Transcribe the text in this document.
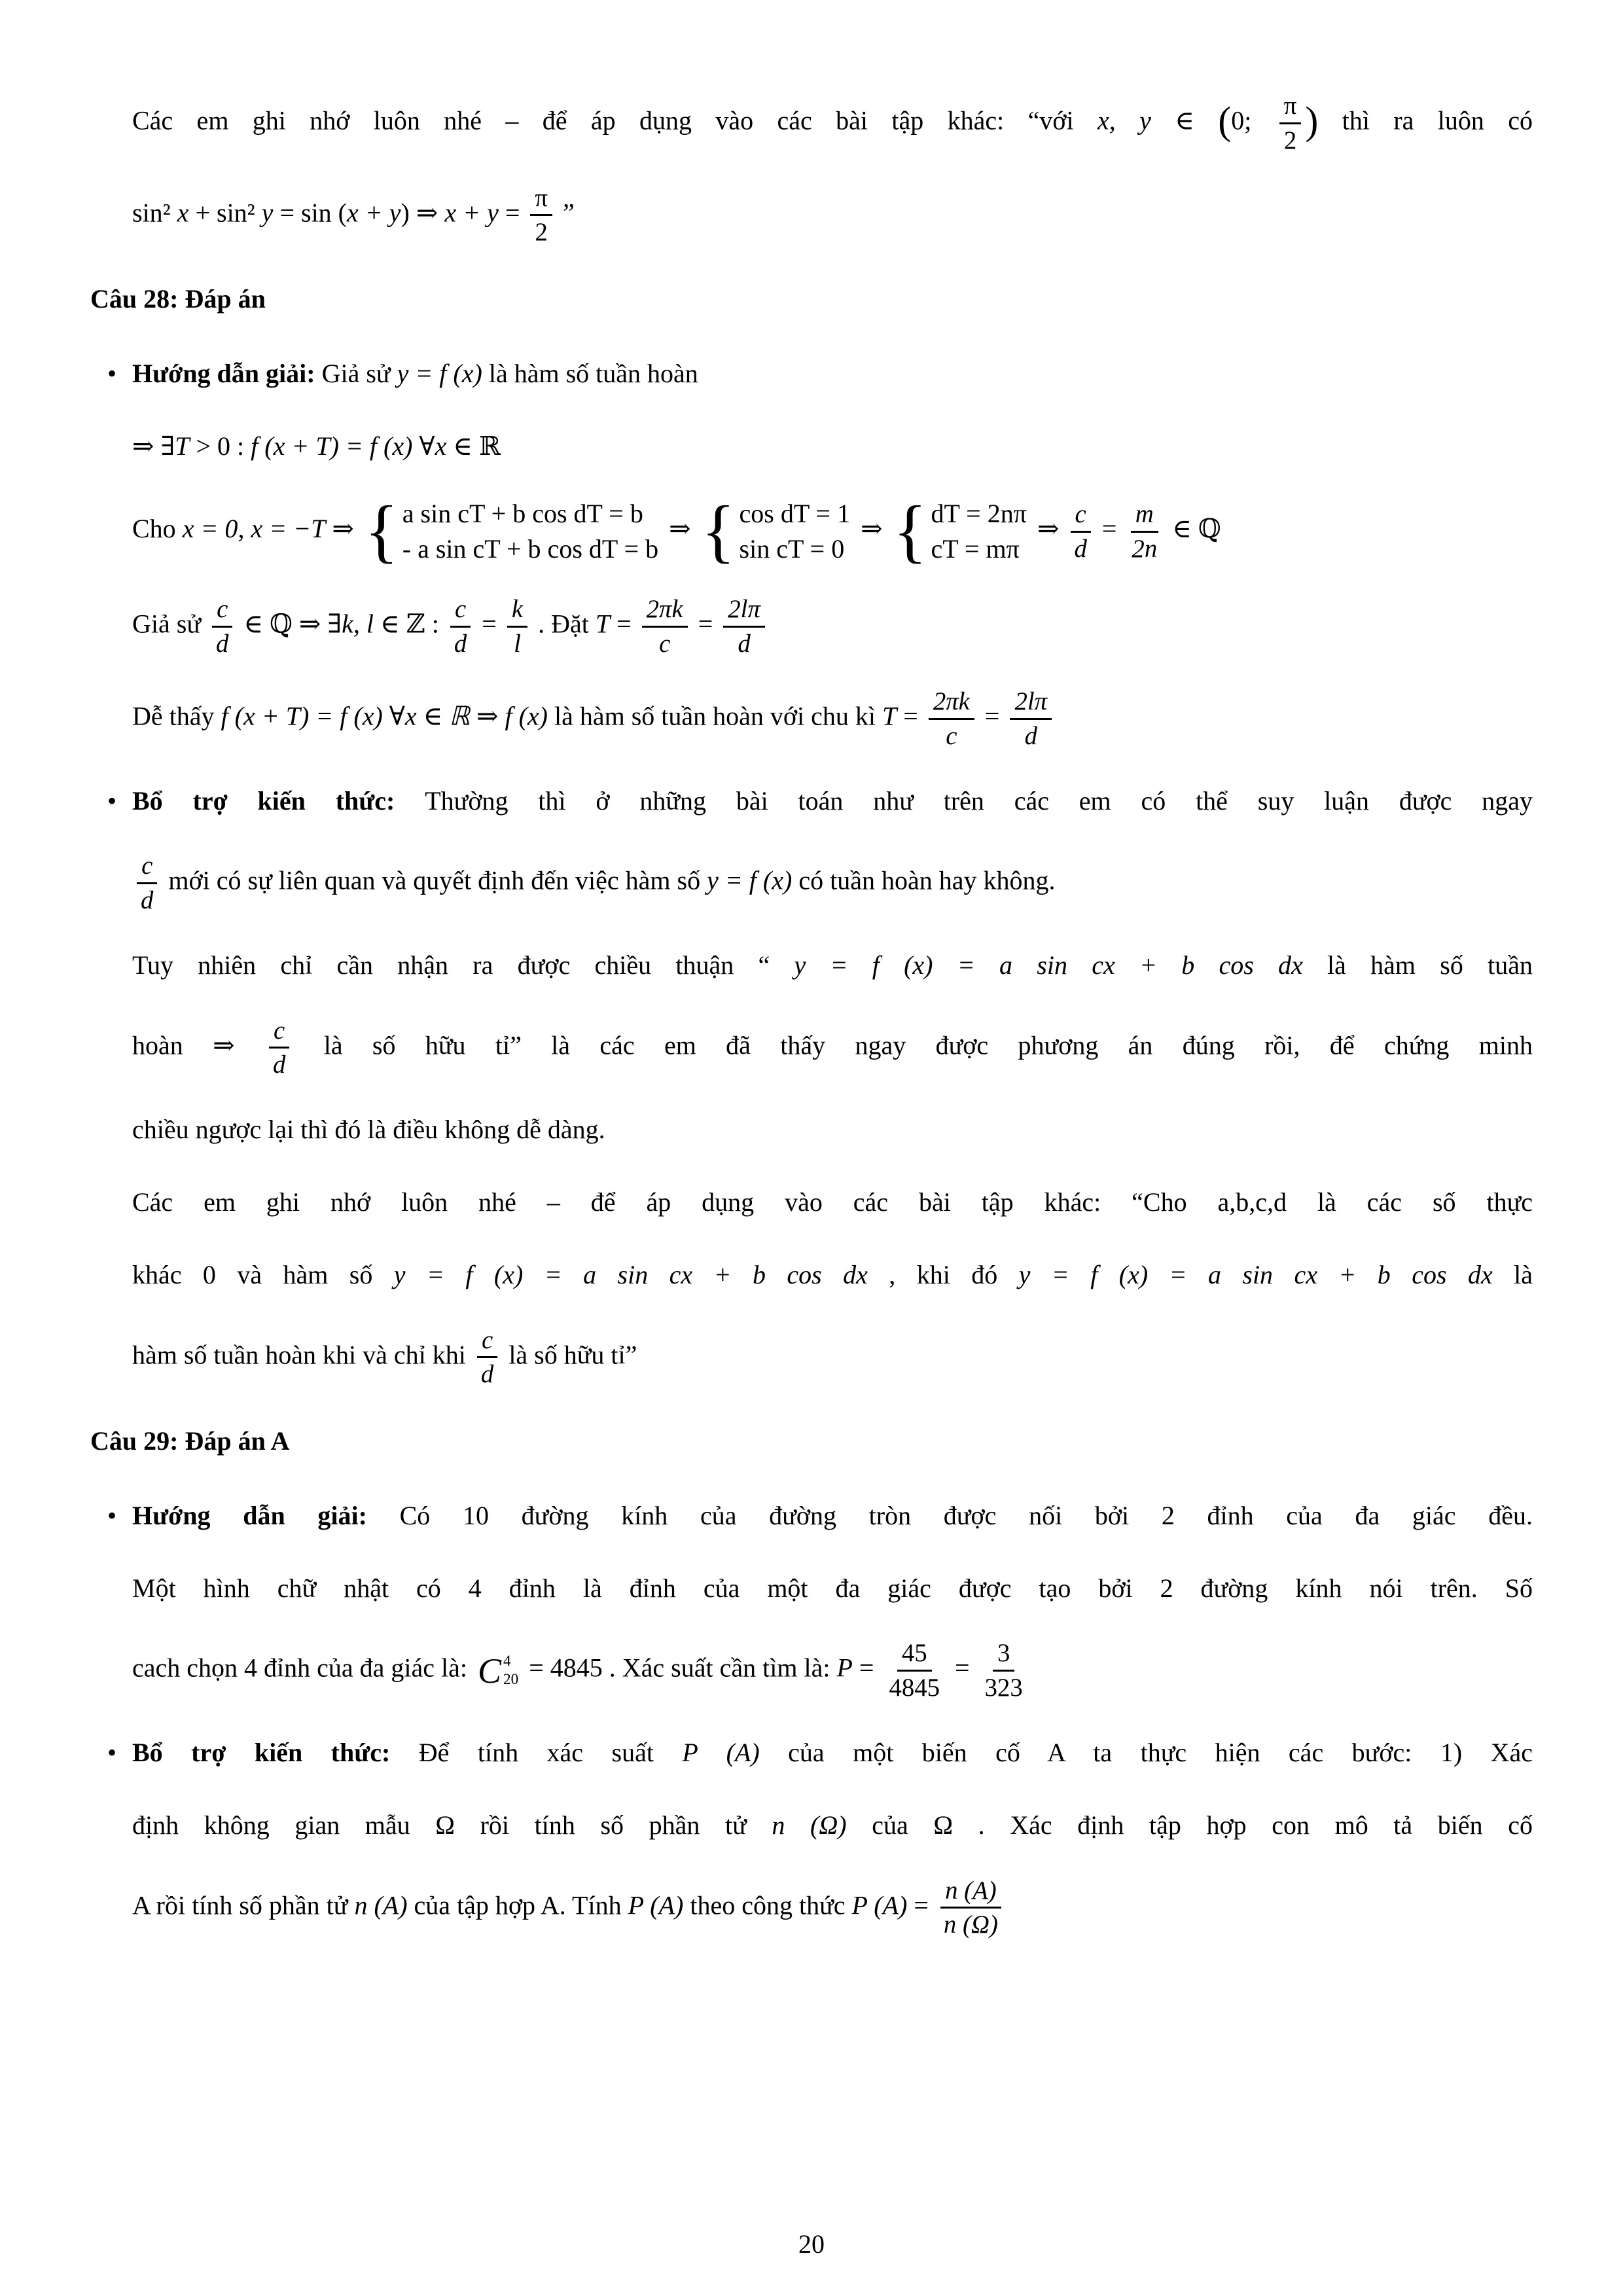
Các em ghi nhớ luôn nhé – để áp dụng vào các bài tập khác: “với x, y ∈ (0; $\frac{\pi}{2}$ ) thì ra luôn có
sin² x + sin² y = sin (x + y) ⇒ $x + y = \frac{\pi}{2}$ ”
Câu 28: Đáp án
• Hướng dẫn giải: Giả sử y = f (x) là hàm số tuần hoàn
⇒ ∃T > 0 : f (x + T) = f (x) ∀x ∈ ℝ
Cho x = 0, x = −T ⇒ { a sin cT + b cos dT = b
- a sin cT + b cos dT = b
⇒ { cos dT = 1
sin cT = 0
⇒ { dT = 2nπ
cT = mπ
⇒ $\frac{c}{d} = \frac{m}{2n}$ ∈ ℚ
Giả sử $\frac{c}{d}$ ∈ ℚ ⇒ ∃k, l ∈ ℤ : $\frac{c}{d} = \frac{k}{l}$ . Đặt $T = \frac{2\pi k}{c} = \frac{2l\pi}{d}$
Dễ thấy f (x + T) = f (x) ∀x ∈ ℝ ⇒ f (x) là hàm số tuần hoàn với chu kì $T = \frac{2\pi k}{c} = \frac{2l\pi}{d}$
• Bổ trợ kiến thức: Thường thì ở những bài toán như trên các em có thể suy luận được ngay
$\frac{c}{d}$ mới có sự liên quan và quyết định đến việc hàm số y = f (x) có tuần hoàn hay không.
Tuy nhiên chỉ cần nhận ra được chiều thuận “ y = f (x) = a sin cx + b cos dx là hàm số tuần
hoàn ⇒ $\frac{c}{d}$ là số hữu tỉ” là các em đã thấy ngay được phương án đúng rồi, để chứng minh
chiều ngược lại thì đó là điều không dễ dàng.
Các em ghi nhớ luôn nhé – để áp dụng vào các bài tập khác: “Cho a,b,c,d là các số thực
khác 0 và hàm số y = f (x) = a sin cx + b cos dx , khi đó y = f (x) = a sin cx + b cos dx là
hàm số tuần hoàn khi và chỉ khi $\frac{c}{d}$ là số hữu tỉ”
Câu 29: Đáp án A
• Hướng dẫn giải: Có 10 đường kính của đường tròn được nối bởi 2 đỉnh của đa giác đều.
Một hình chữ nhật có 4 đỉnh là đỉnh của một đa giác được tạo bởi 2 đường kính nói trên. Số
cach chọn 4 đỉnh của đa giác là: C 4
20 = 4845 . Xác suất cần tìm là: $P = \frac{45}{4845} = \frac{3}{323}$
• Bổ trợ kiến thức: Để tính xác suất P (A) của một biến cố A ta thực hiện các bước: 1) Xác
định không gian mẫu Ω rồi tính số phần tử n (Ω) của Ω . Xác định tập hợp con mô tả biến cố
A rồi tính số phần tử n (A) của tập hợp A. Tính P (A) theo công thức P $(A) = \frac{n (A)}{n (\Omega)}$
20
